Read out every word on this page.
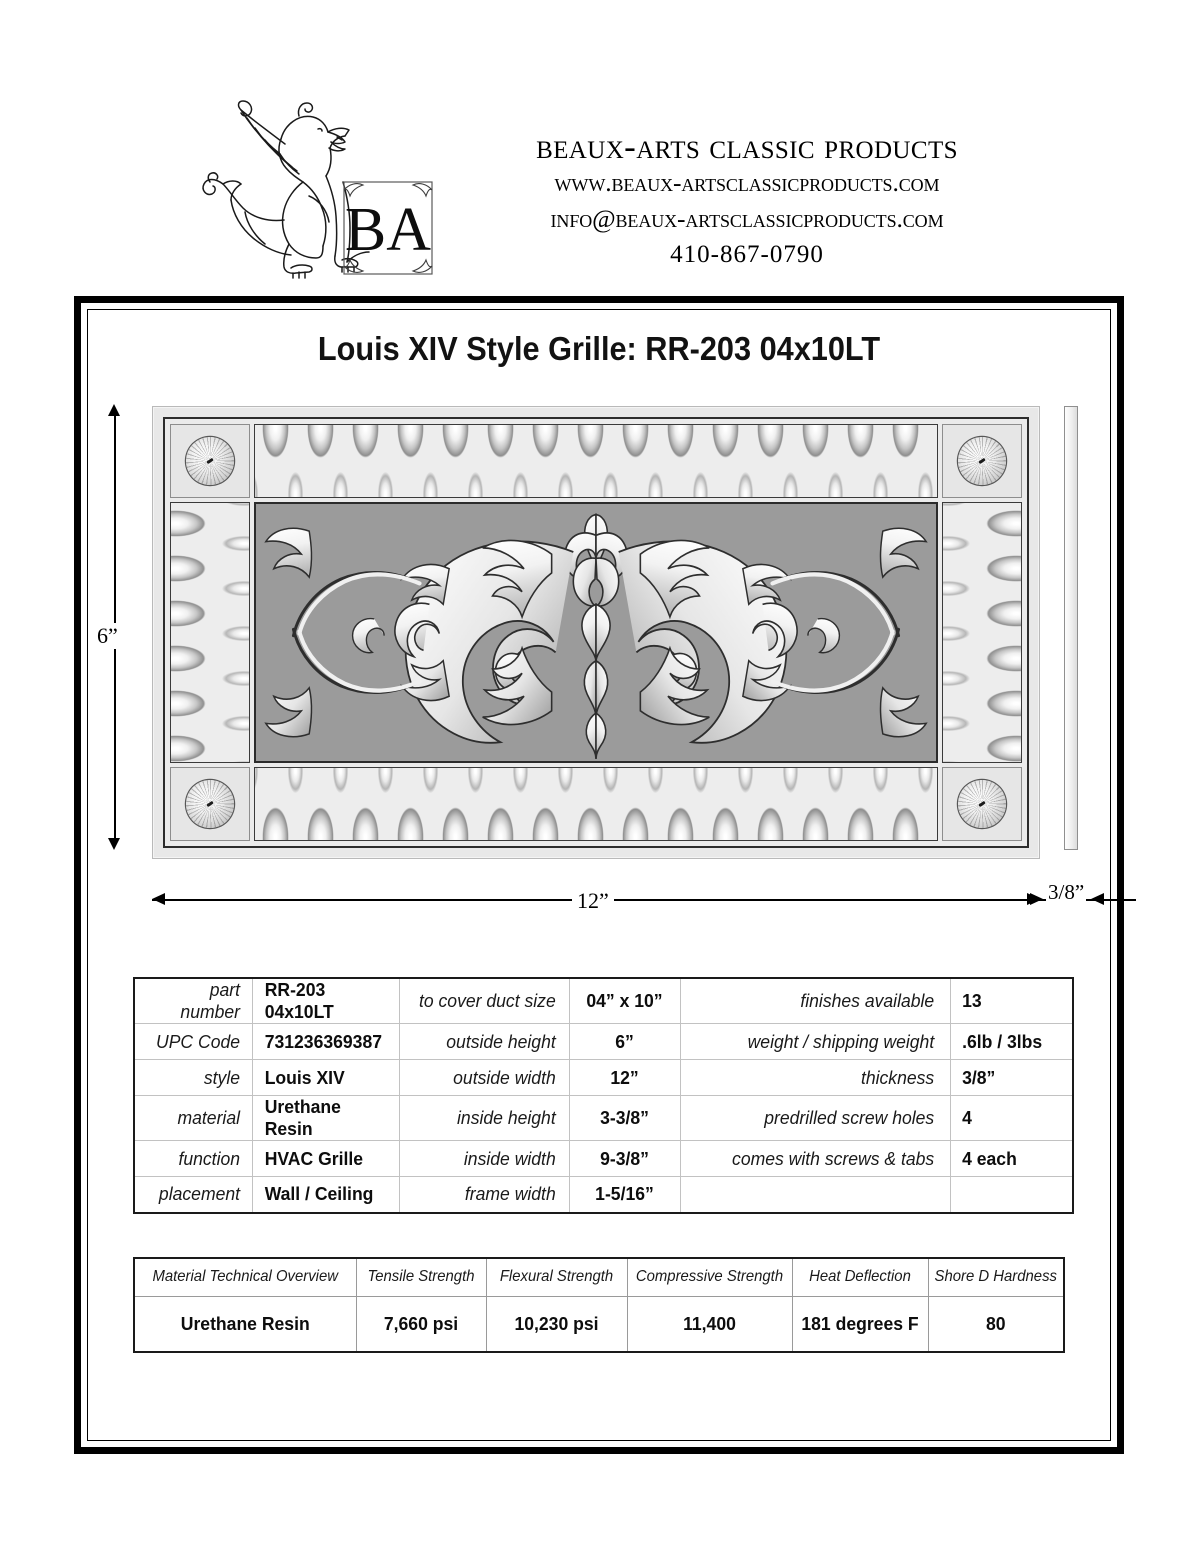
BA
beaux-arts classic products
www.beaux-artsclassicproducts.com
info@beaux-artsclassicproducts.com
410-867-0790
Louis XIV Style Grille: RR-203 04x10LT
6”
12”	3/8”
part number	RR-203 04x10LT	to cover duct size	04” x 10”	finishes available	13
UPC Code	731236369387	outside height	6”	weight / shipping weight	.6lb / 3lbs
style	Louis XIV	outside width	12”	thickness	3/8”
material	Urethane Resin	inside height	3-3/8”	predrilled screw holes	4
function	HVAC Grille	inside width	9-3/8”	comes with screws & tabs	4 each
placement	Wall / Ceiling	frame width	1-5/16”		
Material Technical Overview	Tensile Strength	Flexural Strength	Compressive Strength	Heat Deflection	Shore D Hardness
Urethane Resin	7,660 psi	10,230 psi	11,400	181 degrees F	80
